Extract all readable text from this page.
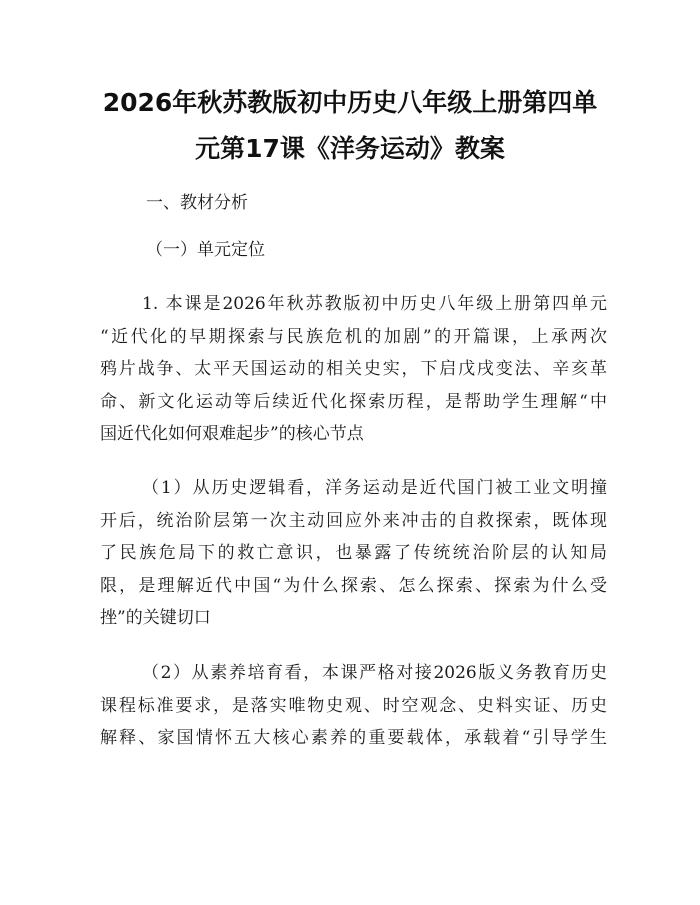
2026年秋苏教版初中历史八年级上册第四单
元第17课《洋务运动》教案
一、教材分析
（一）单元定位
1. 本课是2026年秋苏教版初中历史八年级上册第四单元
“近代化的早期探索与民族危机的加剧”的开篇课，上承两次
鸦片战争、太平天国运动的相关史实，下启戊戌变法、辛亥革
命、新文化运动等后续近代化探索历程，是帮助学生理解“中
国近代化如何艰难起步”的核心节点
（1）从历史逻辑看，洋务运动是近代国门被工业文明撞
开后，统治阶层第一次主动回应外来冲击的自救探索，既体现
了民族危局下的救亡意识，也暴露了传统统治阶层的认知局
限，是理解近代中国“为什么探索、怎么探索、探索为什么受
挫”的关键切口
（2）从素养培育看，本课严格对接2026版义务教育历史
课程标准要求，是落实唯物史观、时空观念、史料实证、历史
解释、家国情怀五大核心素养的重要载体，承载着“引导学生
